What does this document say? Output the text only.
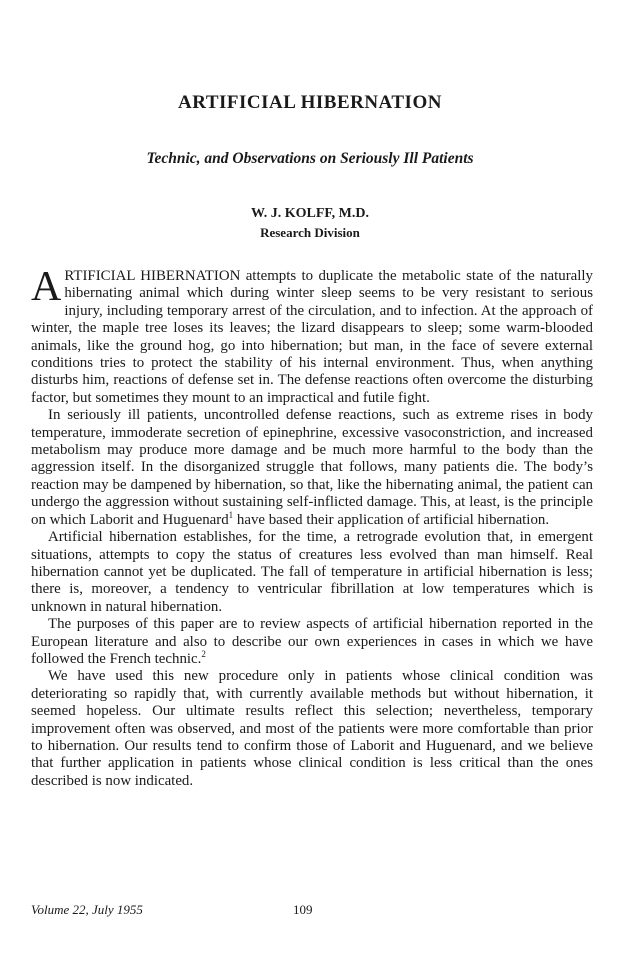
ARTIFICIAL HIBERNATION
Technic, and Observations on Seriously Ill Patients
W. J. KOLFF, M.D.
Research Division

ARTIFICIAL HIBERNATION attempts to duplicate the metabolic state of the naturally hibernating animal which during winter sleep seems to be very resistant to serious injury, including temporary arrest of the circulation, and to infection. At the approach of winter, the maple tree loses its leaves; the lizard disappears to sleep; some warm-blooded animals, like the ground hog, go into hibernation; but man, in the face of severe external conditions tries to protect the stability of his internal environment. Thus, when anything disturbs him, reactions of defense set in. The defense reactions often overcome the disturbing factor, but sometimes they mount to an impractical and futile fight.

In seriously ill patients, uncontrolled defense reactions, such as extreme rises in body temperature, immoderate secretion of epinephrine, excessive vasoconstriction, and increased metabolism may produce more damage and be much more harmful to the body than the aggression itself. In the disorganized struggle that follows, many patients die. The body’s reaction may be dampened by hibernation, so that, like the hibernating animal, the patient can undergo the aggression without sustaining self-inflicted damage. This, at least, is the principle on which Laborit and Huguenard$^1$ have based their application of artificial hibernation.

Artificial hibernation establishes, for the time, a retrograde evolution that, in emergent situations, attempts to copy the status of creatures less evolved than man himself. Real hibernation cannot yet be duplicated. The fall of temperature in artificial hibernation is less; there is, moreover, a tendency to ventricular fibrillation at low temperatures which is unknown in natural hibernation.

The purposes of this paper are to review aspects of artificial hibernation reported in the European literature and also to describe our own experiences in cases in which we have followed the French technic.$^2$

We have used this new procedure only in patients whose clinical condition was deteriorating so rapidly that, with currently available methods but without hibernation, it seemed hopeless. Our ultimate results reflect this selection; nevertheless, temporary improvement often was observed, and most of the patients were more comfortable than prior to hibernation. Our results tend to confirm those of Laborit and Huguenard, and we believe that further application in patients whose clinical condition is less critical than the ones described is now indicated.

Volume 22, July 1955	109
